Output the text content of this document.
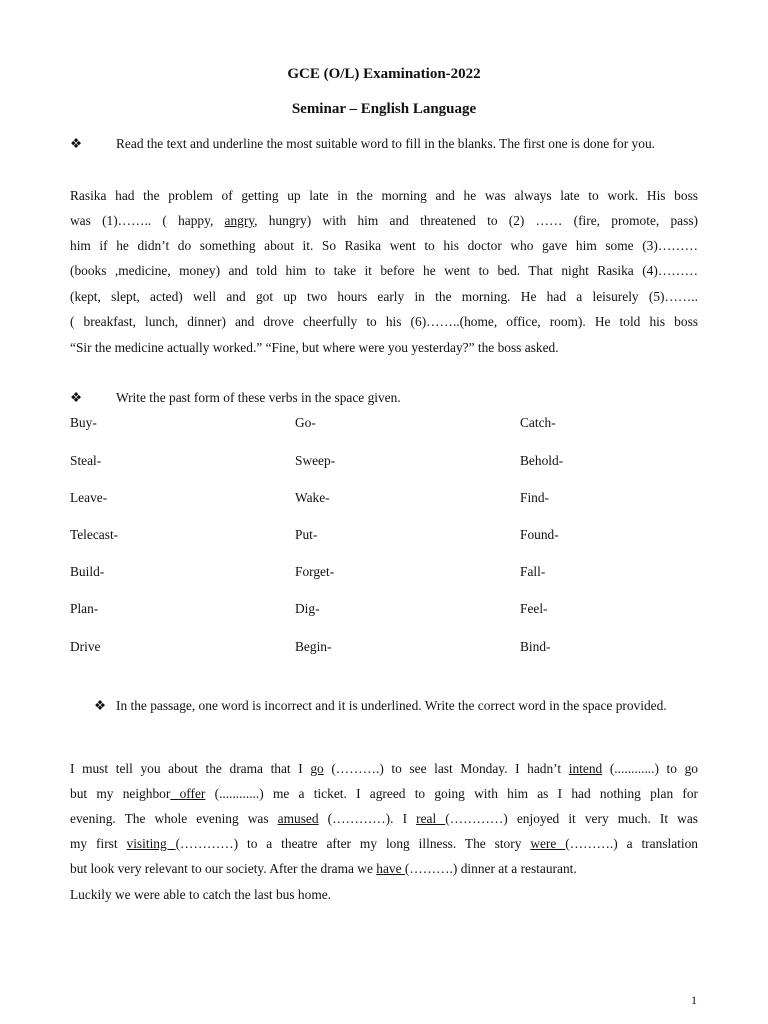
GCE (O/L) Examination-2022
Seminar – English Language
❖	Read the text and underline the most suitable word to fill in the blanks. The first one is done for you.
Rasika had the problem of getting up late in the morning and he was always late to work. His boss
was (1)…….. ( happy, angry, hungry) with him and threatened to (2) …… (fire, promote, pass)
him if he didn’t do something about it. So Rasika went to his doctor who gave him some (3)………
(books ,medicine, money) and told him to take it before he went to bed. That night Rasika (4)………
(kept, slept, acted) well and got up two hours early in the morning. He had a leisurely (5)……..
( breakfast, lunch, dinner) and drove cheerfully to his (6)……..(home, office, room). He told his boss
“Sir the medicine actually worked.” “Fine, but where were you yesterday?” the boss asked.
❖	Write the past form of these verbs in the space given.
Buy-
Steal-
Leave-
Telecast-
Build-
Plan-
Drive
Go-
Sweep-
Wake-
Put-
Forget-
Dig-
Begin-
Catch-
Behold-
Find-
Found-
Fall-
Feel-
Bind-
❖ In the passage, one word is incorrect and it is underlined. Write the correct word in the space provided.
I must tell you about the drama that I go (……….) to see last Monday. I hadn’t intend (............) to go
but my neighbor offer (............) me a ticket. I agreed to going with him as I had nothing plan for
evening. The whole evening was amused (…………). I real (…………) enjoyed it very much. It was
my first visiting (…………) to a theatre after my long illness. The story were (……….) a translation
but look very relevant to our society. After the drama we have (……….) dinner at a restaurant.
Luckily we were able to catch the last bus home.
1
